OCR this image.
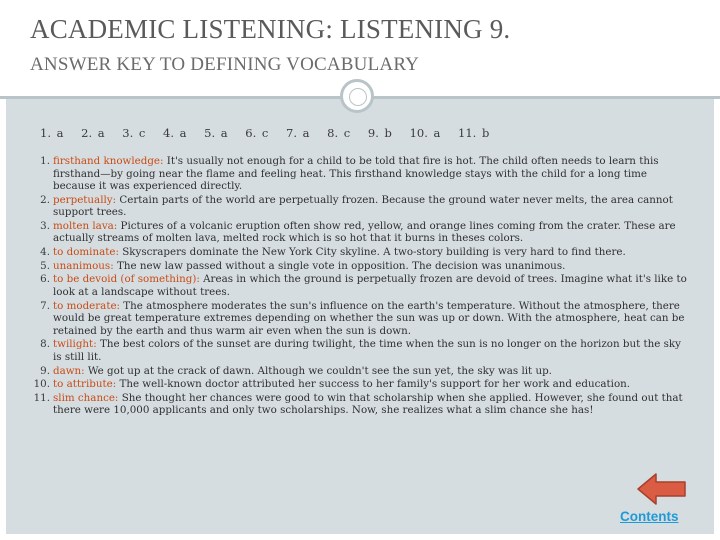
ACADEMIC LISTENING: LISTENING 9.
ANSWER KEY TO DEFINING VOCABULARY
1. a 2. a 3. c 4. a 5. a 6. c 7. a 8. c 9. b 10. a 11. b
1. firsthand knowledge: It's usually not enough for a child to be told that fire is hot. The child often needs to learn this firsthand—by going near the flame and feeling heat. This firsthand knowledge stays with the child for a long time because it was experienced directly.
2. perpetually: Certain parts of the world are perpetually frozen. Because the ground water never melts, the area cannot support trees.
3. molten lava: Pictures of a volcanic eruption often show red, yellow, and orange lines coming from the crater. These are actually streams of molten lava, melted rock which is so hot that it burns in theses colors.
4. to dominate: Skyscrapers dominate the New York City skyline. A two-story building is very hard to find there.
5. unanimous: The new law passed without a single vote in opposition. The decision was unanimous.
6. to be devoid (of something): Areas in which the ground is perpetually frozen are devoid of trees. Imagine what it's like to look at a landscape without trees.
7. to moderate: The atmosphere moderates the sun's influence on the earth's temperature. Without the atmosphere, there would be great temperature extremes depending on whether the sun was up or down. With the atmosphere, heat can be retained by the earth and thus warm air even when the sun is down.
8. twilight: The best colors of the sunset are during twilight, the time when the sun is no longer on the horizon but the sky is still lit.
9. dawn: We got up at the crack of dawn. Although we couldn't see the sun yet, the sky was lit up.
10. to attribute: The well-known doctor attributed her success to her family's support for her work and education.
11. slim chance: She thought her chances were good to win that scholarship when she applied. However, she found out that there were 10,000 applicants and only two scholarships. Now, she realizes what a slim chance she has!
Contents
